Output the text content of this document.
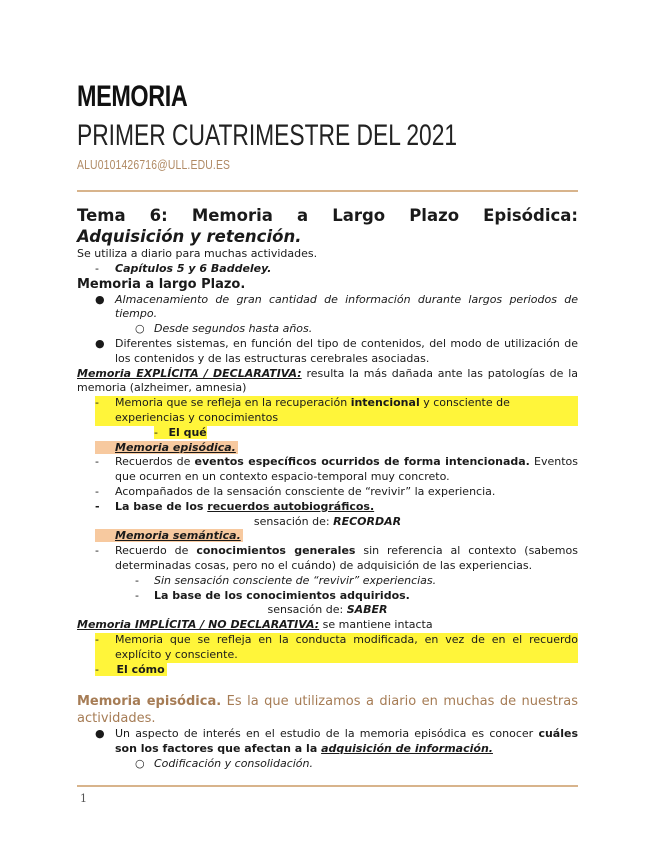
MEMORIA
PRIMER CUATRIMESTRE DEL 2021
ALU0101426716@ULL.EDU.ES
Tema 6: Memoria a Largo Plazo Episódica: Adquisición y retención.
Se utiliza a diario para muchas actividades.
- Capítulos 5 y 6 Baddeley.
Memoria a largo Plazo.
● Almacenamiento de gran cantidad de información durante largos periodos de tiempo.
○ Desde segundos hasta años.
● Diferentes sistemas, en función del tipo de contenidos, del modo de utilización de los contenidos y de las estructuras cerebrales asociadas.
Memoria EXPLÍCITA / DECLARATIVA: resulta la más dañada ante las patologías de la memoria (alzheimer, amnesia)
- Memoria que se refleja en la recuperación intencional y consciente de experiencias y conocimientos
- El qué
Memoria episódica.
- Recuerdos de eventos específicos ocurridos de forma intencionada. Eventos que ocurren en un contexto espacio-temporal muy concreto.
- Acompañados de la sensación consciente de “revivir” la experiencia.
- La base de los recuerdos autobiográficos.
sensación de: RECORDAR
Memoria semántica.
- Recuerdo de conocimientos generales sin referencia al contexto (sabemos determinadas cosas, pero no el cuándo) de adquisición de las experiencias.
- Sin sensación consciente de “revivir” experiencias.
- La base de los conocimientos adquiridos.
sensación de: SABER
Memoria IMPLÍCITA / NO DECLARATIVA: se mantiene intacta
- Memoria que se refleja en la conducta modificada, en vez de en el recuerdo explícito y consciente.
- El cómo
Memoria episódica. Es la que utilizamos a diario en muchas de nuestras actividades.
● Un aspecto de interés en el estudio de la memoria episódica es conocer cuáles son los factores que afectan a la adquisición de información.
○ Codificación y consolidación.
1
